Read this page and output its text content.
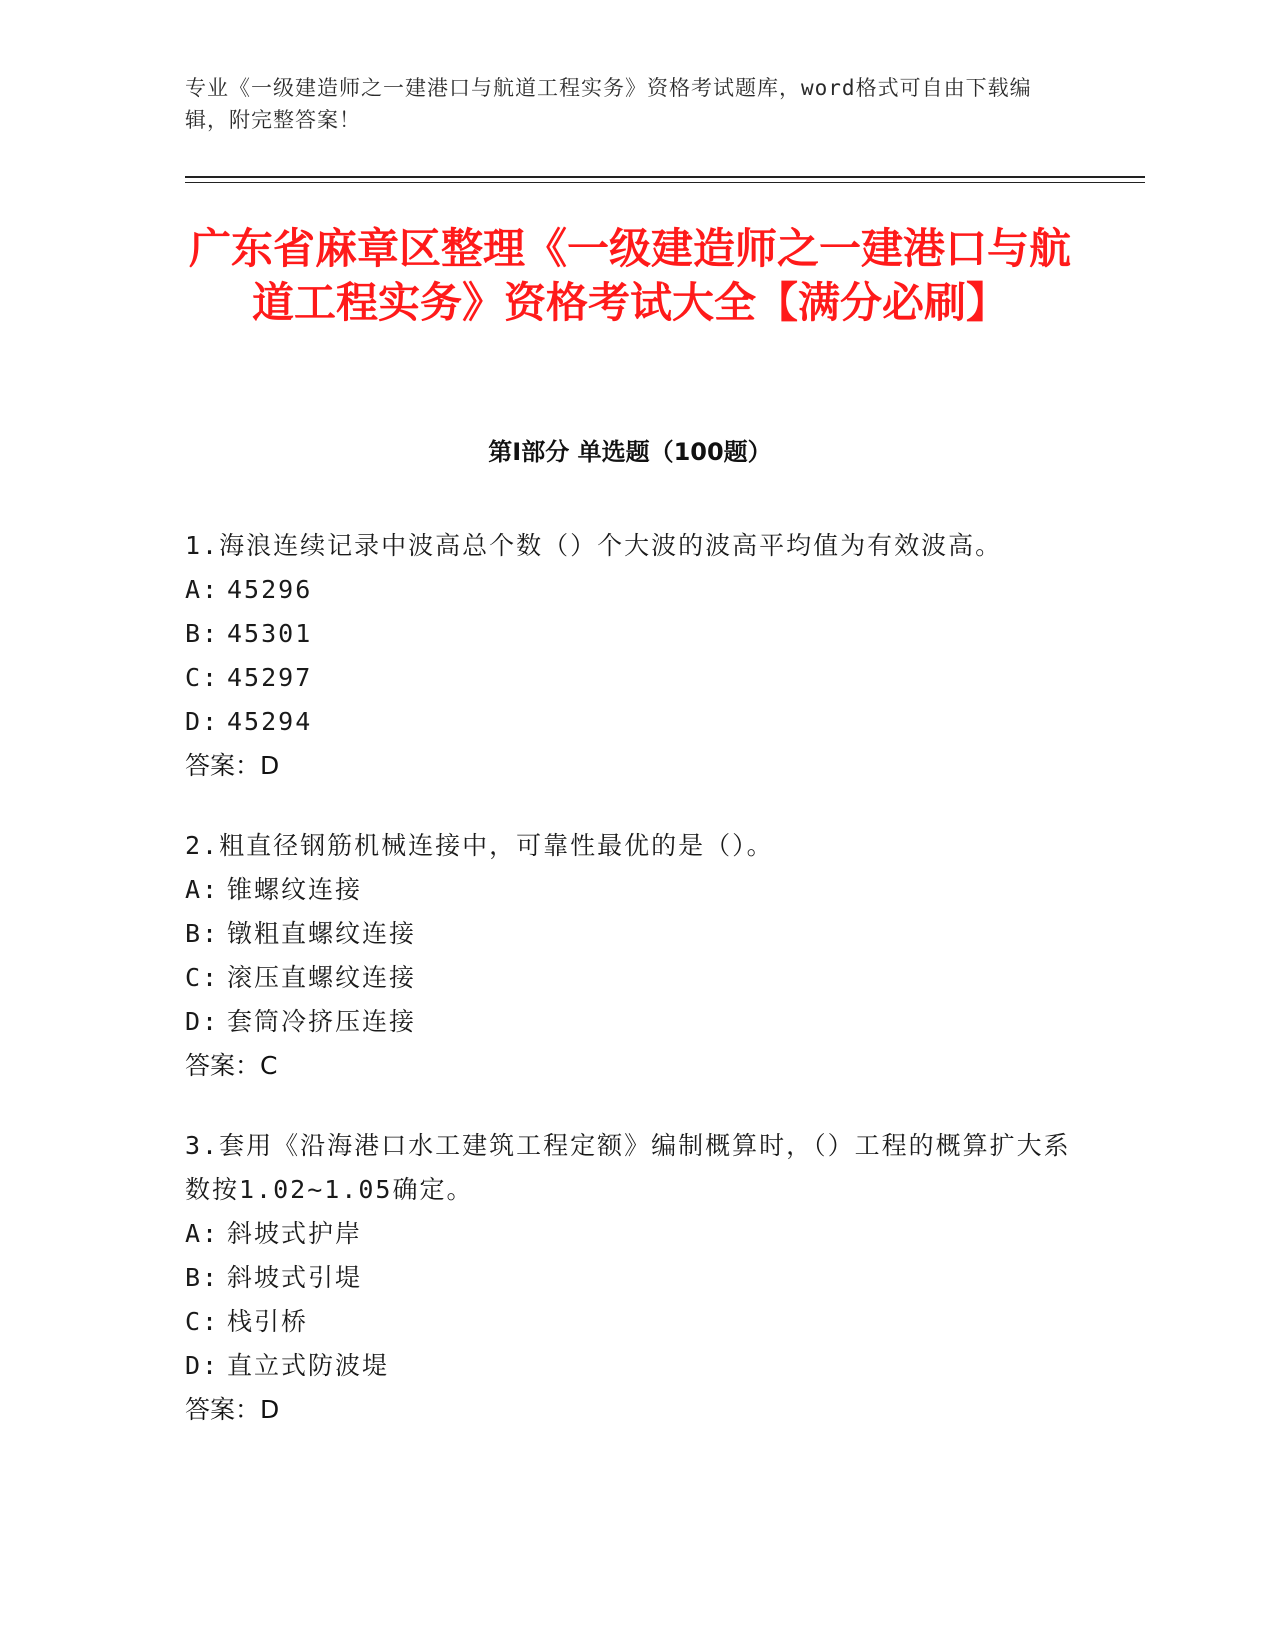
专业《一级建造师之一建港口与航道工程实务》资格考试题库，word格式可自由下载编辑，附完整答案！
广东省麻章区整理《一级建造师之一建港口与航道工程实务》资格考试大全【满分必刷】
第Ⅰ部分 单选题（100题）
1.海浪连续记录中波高总个数（）个大波的波高平均值为有效波高。
A: 45296
B: 45301
C: 45297
D: 45294
答案：D
2.粗直径钢筋机械连接中，可靠性最优的是（）。
A: 锥螺纹连接
B: 镦粗直螺纹连接
C: 滚压直螺纹连接
D: 套筒冷挤压连接
答案：C
3.套用《沿海港口水工建筑工程定额》编制概算时，（）工程的概算扩大系数按1.02~1.05确定。
A: 斜坡式护岸
B: 斜坡式引堤
C: 栈引桥
D: 直立式防波堤
答案：D
